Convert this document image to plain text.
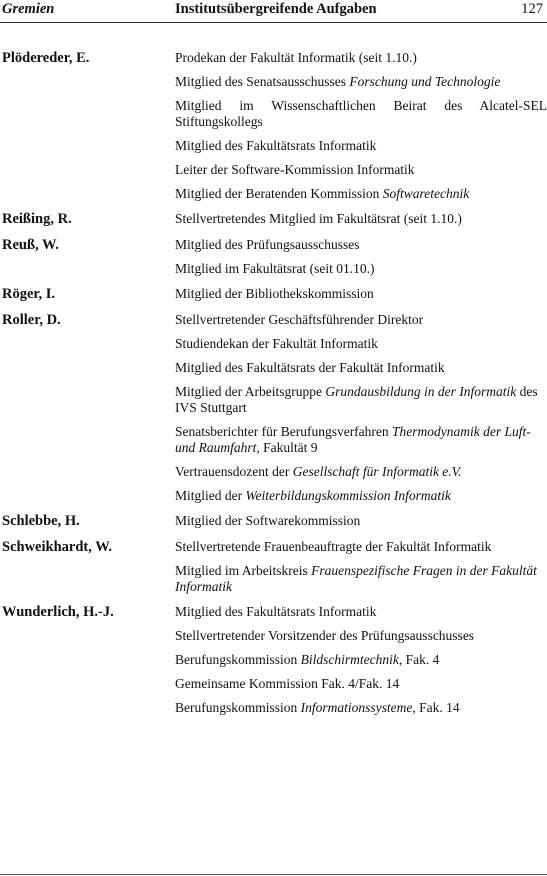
Gremien	Institutsübergreifende Aufgaben	127
Plödereder, E.	Prodekan der Fakultät Informatik (seit 1.10.)
Mitglied des Senatsausschusses Forschung und Technologie
Mitglied im Wissenschaftlichen Beirat des Alcatel-SEL Stiftungskollegs
Mitglied des Fakultätsrats Informatik
Leiter der Software-Kommission Informatik
Mitglied der Beratenden Kommission Softwaretechnik
Reißing, R.	Stellvertretendes Mitglied im Fakultätsrat (seit 1.10.)
Reuß, W.	Mitglied des Prüfungsausschusses
Mitglied im Fakultätsrat (seit 01.10.)
Röger, I.	Mitglied der Bibliothekskommission
Roller, D.	Stellvertretender Geschäftsführender Direktor
Studiendekan der Fakultät Informatik
Mitglied des Fakultätsrats der Fakultät Informatik
Mitglied der Arbeitsgruppe Grundausbildung in der Informatik des IVS Stuttgart
Senatsberichter für Berufungsverfahren Thermodynamik der Luft- und Raumfahrt, Fakultät 9
Vertrauensdozent der Gesellschaft für Informatik e.V.
Mitglied der Weiterbildungskommission Informatik
Schlebbe, H.	Mitglied der Softwarekommission
Schweikhardt, W.	Stellvertretende Frauenbeauftragte der Fakultät Informatik
Mitglied im Arbeitskreis Frauenspezifische Fragen in der Fakultät Informatik
Wunderlich, H.-J.	Mitglied des Fakultätsrats Informatik
Stellvertretender Vorsitzender des Prüfungsausschusses
Berufungskommission Bildschirmtechnik, Fak. 4
Gemeinsame Kommission Fak. 4/Fak. 14
Berufungskommission Informationssysteme, Fak. 14
